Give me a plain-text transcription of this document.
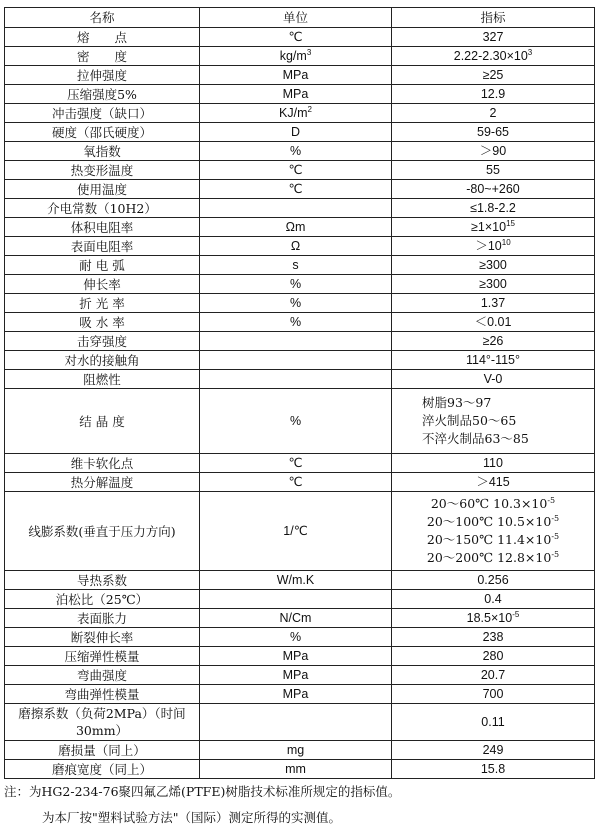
名称	单位	指标
熔　　点	℃	327
密　　度	$kg/m^3$	$2.22-2.30\times 10^3$
拉伸强度	MPa	≥25
压缩强度5%	MPa	12.9
冲击强度（缺口）	$KJ/m^2$	2
硬度（邵氏硬度）	D	59-65
氧指数	%	＞90
热变形温度	℃	55
使用温度	℃	-80~+260
介电常数（10H2）		≤1.8-2.2
体积电阻率	Ωm	$\ge 1\times 10^{15}$
表面电阻率	Ω	$>10^{10}$
耐 电 弧	s	≥300
伸长率	%	≥300
折 光 率	%	1.37
吸 水 率	%	＜0.01
击穿强度		≥26
对水的接触角		114°-115°
阻燃性		V-0
结 晶 度	%	树脂93～97
淬火制品50～65
不淬火制品63～85

维卡软化点	℃	110
热分解温度	℃	＞415
线膨系数(垂直于压力方向)	1/℃	20～60℃ $10.3\times 10^{-5}$
20～100℃ $10.5\times 10^{-5}$
20～150℃ $11.4\times 10^{-5}$
20～200℃ $12.8\times 10^{-5}$

导热系数	W/m.K	0.256
泊松比（25℃）		0.4
表面胀力	N/Cm	$18.5\times 10^{-5}$
断裂伸长率	%	238
压缩弹性模量	MPa	280
弯曲强度	MPa	20.7
弯曲弹性模量	MPa	700
磨擦系数（负荷2MPa）（时间30mm）		0.11
磨损量（同上）	mg	249
磨痕宽度（同上）	mm	15.8
注：为HG2-234-76聚四氟乙烯(PTFE)树脂技术标准所规定的指标值。
为本厂按"塑料试验方法"（国际）测定所得的实测值。
